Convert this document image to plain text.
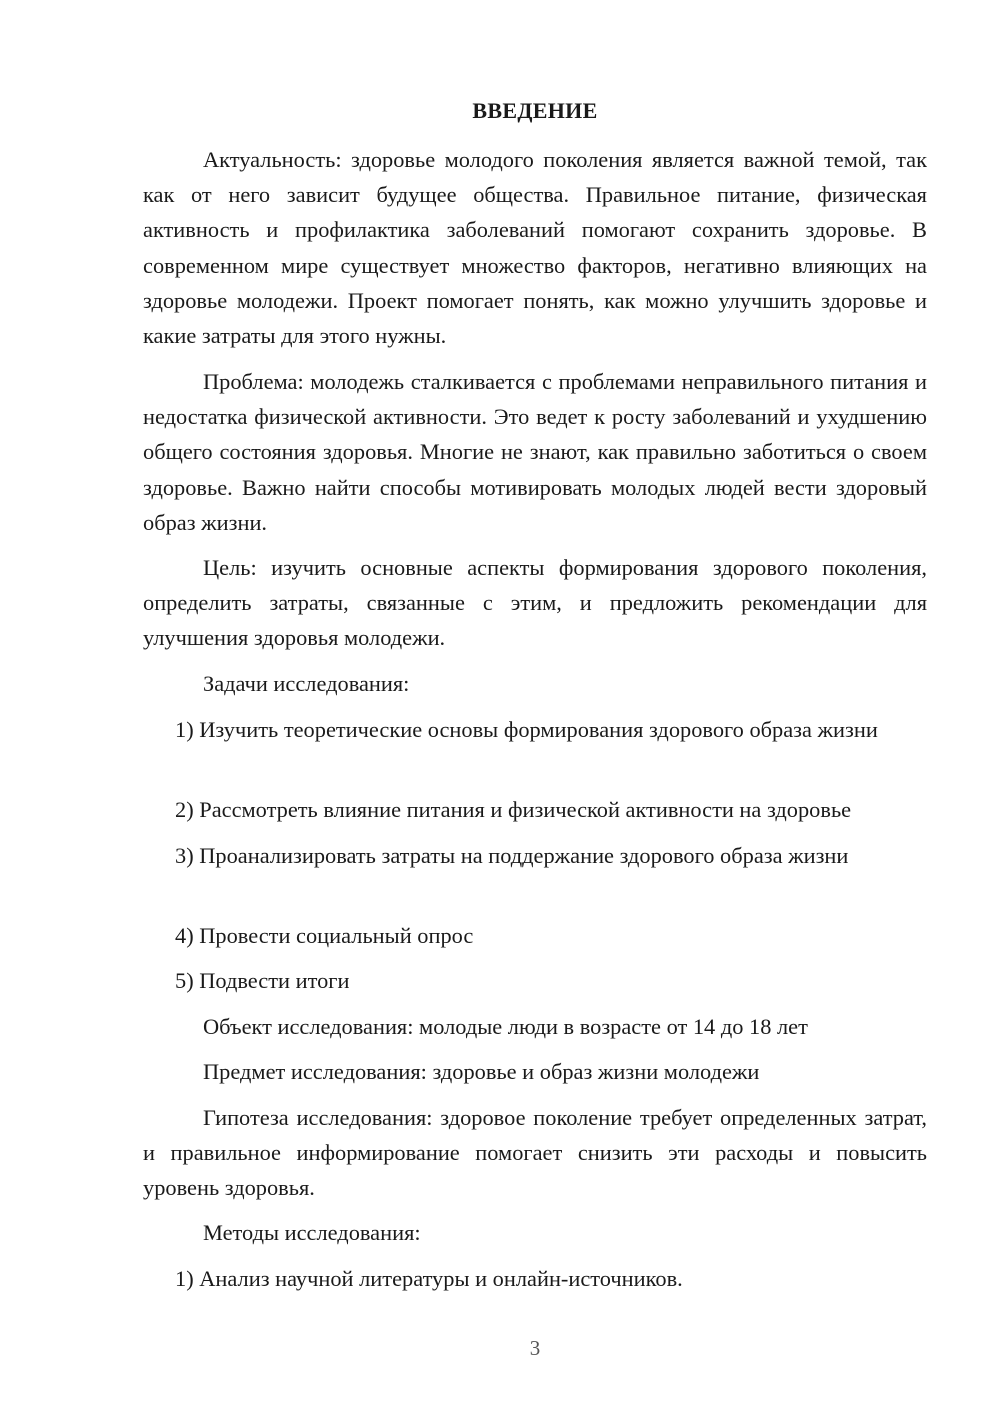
ВВЕДЕНИЕ

Актуальность: здоровье молодого поколения является важной темой, так как от него зависит будущее общества. Правильное питание, физическая активность и профилактика заболеваний помогают сохранить здоровье. В современном мире существует множество факторов, негативно влияющих на здоровье молодежи. Проект помогает понять, как можно улучшить здоровье и какие затраты для этого нужны.

Проблема: молодежь сталкивается с проблемами неправильного питания и недостатка физической активности. Это ведет к росту заболеваний и ухудшению общего состояния здоровья. Многие не знают, как правильно заботиться о своем здоровье. Важно найти способы мотивировать молодых людей вести здоровый образ жизни.

Цель: изучить основные аспекты формирования здорового поколения, определить затраты, связанные с этим, и предложить рекомендации для улучшения здоровья молодежи.

Задачи исследования:

1) Изучить теоретические основы формирования здорового образа жизни

2) Рассмотреть влияние питания и физической активности на здоровье

3) Проанализировать затраты на поддержание здорового образа жизни

4) Провести социальный опрос

5) Подвести итоги

Объект исследования: молодые люди в возрасте от 14 до 18 лет

Предмет исследования: здоровье и образ жизни молодежи

Гипотеза исследования: здоровое поколение требует определенных затрат, и правильное информирование помогает снизить эти расходы и повысить уровень здоровья.

Методы исследования:

1) Анализ научной литературы и онлайн-источников.

3
